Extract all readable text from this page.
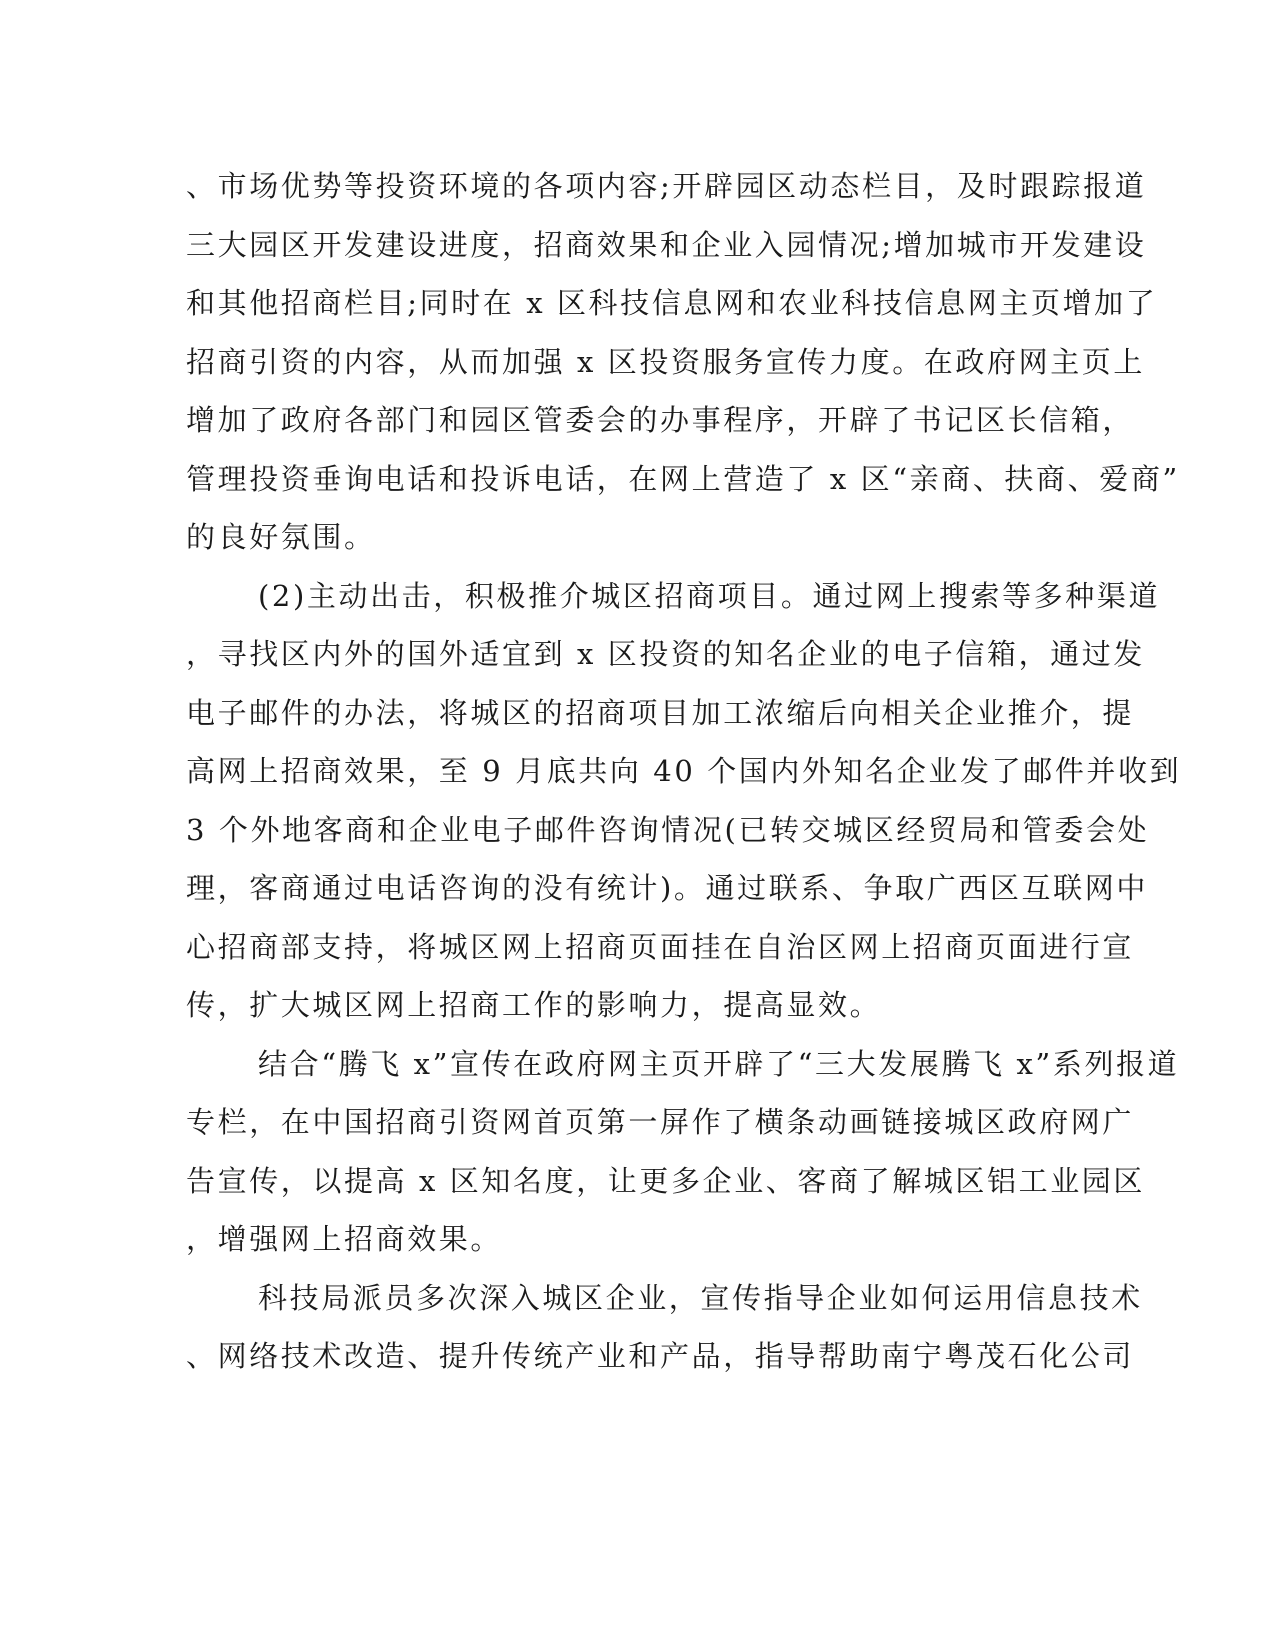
、市场优势等投资环境的各项内容;开辟园区动态栏目，及时跟踪报道
三大园区开发建设进度，招商效果和企业入园情况;增加城市开发建设
和其他招商栏目;同时在 x 区科技信息网和农业科技信息网主页增加了
招商引资的内容，从而加强 x 区投资服务宣传力度。在政府网主页上
增加了政府各部门和园区管委会的办事程序，开辟了书记区长信箱，
管理投资垂询电话和投诉电话，在网上营造了 x 区“亲商、扶商、爱商”
的良好氛围。
(2)主动出击，积极推介城区招商项目。通过网上搜索等多种渠道
，寻找区内外的国外适宜到 x 区投资的知名企业的电子信箱，通过发
电子邮件的办法，将城区的招商项目加工浓缩后向相关企业推介，提
高网上招商效果，至 9 月底共向 40 个国内外知名企业发了邮件并收到
3 个外地客商和企业电子邮件咨询情况(已转交城区经贸局和管委会处
理，客商通过电话咨询的没有统计)。通过联系、争取广西区互联网中
心招商部支持，将城区网上招商页面挂在自治区网上招商页面进行宣
传，扩大城区网上招商工作的影响力，提高显效。
结合“腾飞 x”宣传在政府网主页开辟了“三大发展腾飞 x”系列报道
专栏，在中国招商引资网首页第一屏作了横条动画链接城区政府网广
告宣传，以提高 x 区知名度，让更多企业、客商了解城区铝工业园区
，增强网上招商效果。
科技局派员多次深入城区企业，宣传指导企业如何运用信息技术
、网络技术改造、提升传统产业和产品，指导帮助南宁粤茂石化公司
